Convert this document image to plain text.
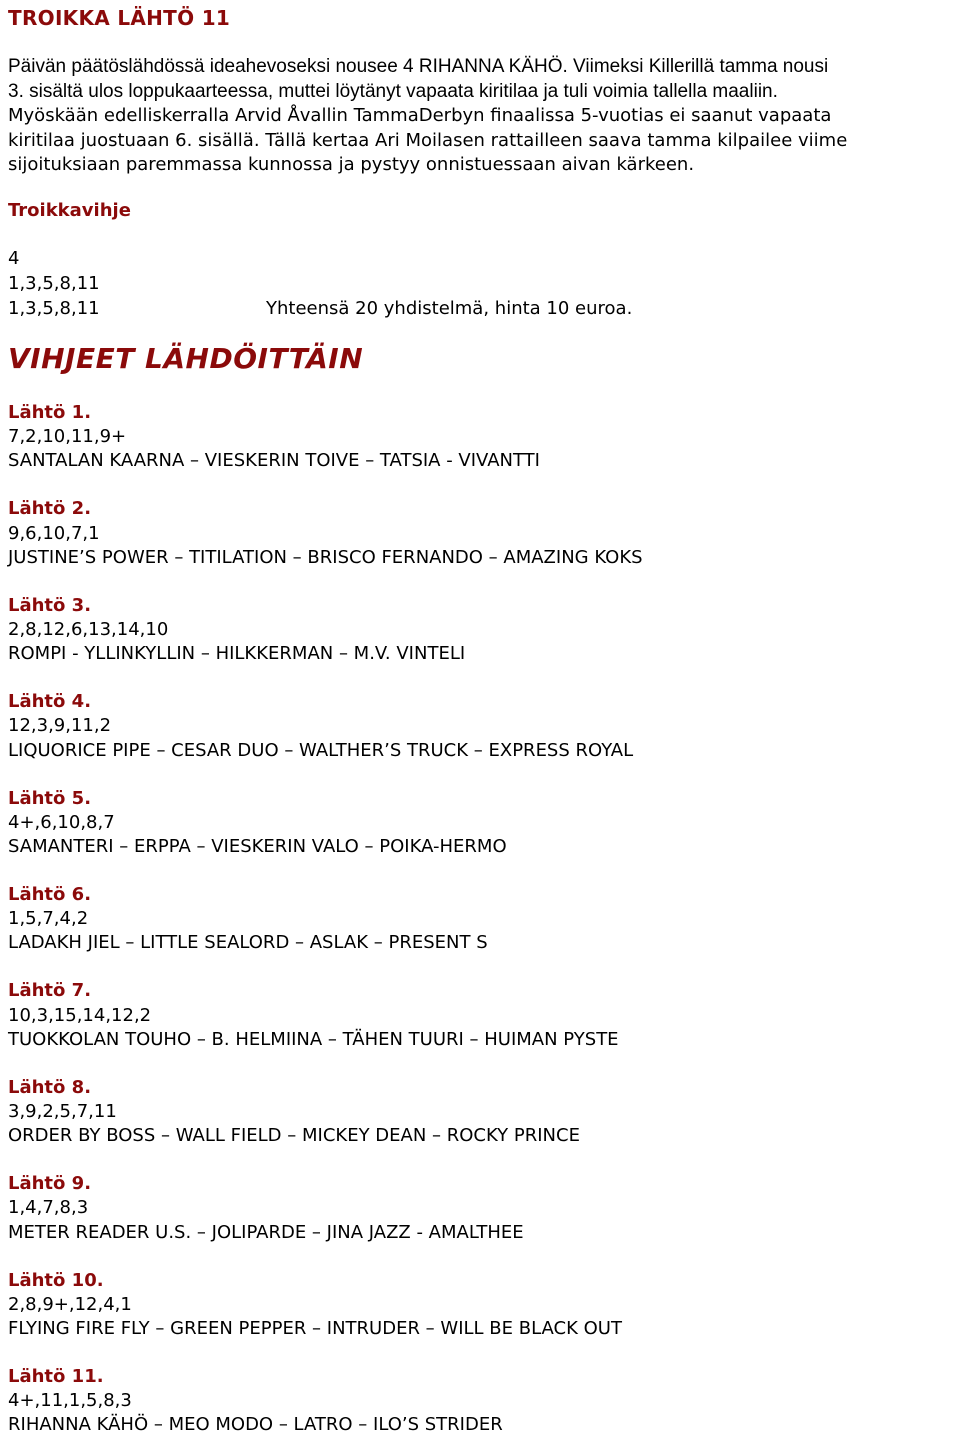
TROIKKA LÄHTÖ 11
Päivän päätöslähdössä ideahevoseksi nousee 4 RIHANNA KÄHÖ. Viimeksi Killerillä tamma nousi
3. sisältä ulos loppukaarteessa, muttei löytänyt vapaata kiritilaa ja tuli voimia tallella maaliin.
Myöskään edelliskerralla Arvid Åvallin TammaDerbyn finaalissa 5-vuotias ei saanut vapaata
kiritilaa juostuaan 6. sisällä. Tällä kertaa Ari Moilasen rattailleen saava tamma kilpailee viime
sijoituksiaan paremmassa kunnossa ja pystyy onnistuessaan aivan kärkeen.
Troikkavihje
4
1,3,5,8,11
1,3,5,8,11	Yhteensä 20 yhdistelmä, hinta 10 euroa.
VIHJEET LÄHDÖITTÄIN
Lähtö 1.
7,2,10,11,9+
SANTALAN KAARNA – VIESKERIN TOIVE – TATSIA - VIVANTTI
Lähtö 2.
9,6,10,7,1
JUSTINE’S POWER – TITILATION – BRISCO FERNANDO – AMAZING KOKS
Lähtö 3.
2,8,12,6,13,14,10
ROMPI - YLLINKYLLIN – HILKKERMAN – M.V. VINTELI
Lähtö 4.
12,3,9,11,2
LIQUORICE PIPE – CESAR DUO – WALTHER’S TRUCK – EXPRESS ROYAL
Lähtö 5.
4+,6,10,8,7
SAMANTERI – ERPPA – VIESKERIN VALO – POIKA-HERMO
Lähtö 6.
1,5,7,4,2
LADAKH JIEL – LITTLE SEALORD – ASLAK – PRESENT S
Lähtö 7.
10,3,15,14,12,2
TUOKKOLAN TOUHO – B. HELMIINA – TÄHEN TUURI – HUIMAN PYSTE
Lähtö 8.
3,9,2,5,7,11
ORDER BY BOSS – WALL FIELD – MICKEY DEAN – ROCKY PRINCE
Lähtö 9.
1,4,7,8,3
METER READER U.S. – JOLIPARDE – JINA JAZZ - AMALTHEE
Lähtö 10.
2,8,9+,12,4,1
FLYING FIRE FLY – GREEN PEPPER – INTRUDER – WILL BE BLACK OUT
Lähtö 11.
4+,11,1,5,8,3
RIHANNA KÄHÖ – MEO MODO – LATRO – ILO’S STRIDER
